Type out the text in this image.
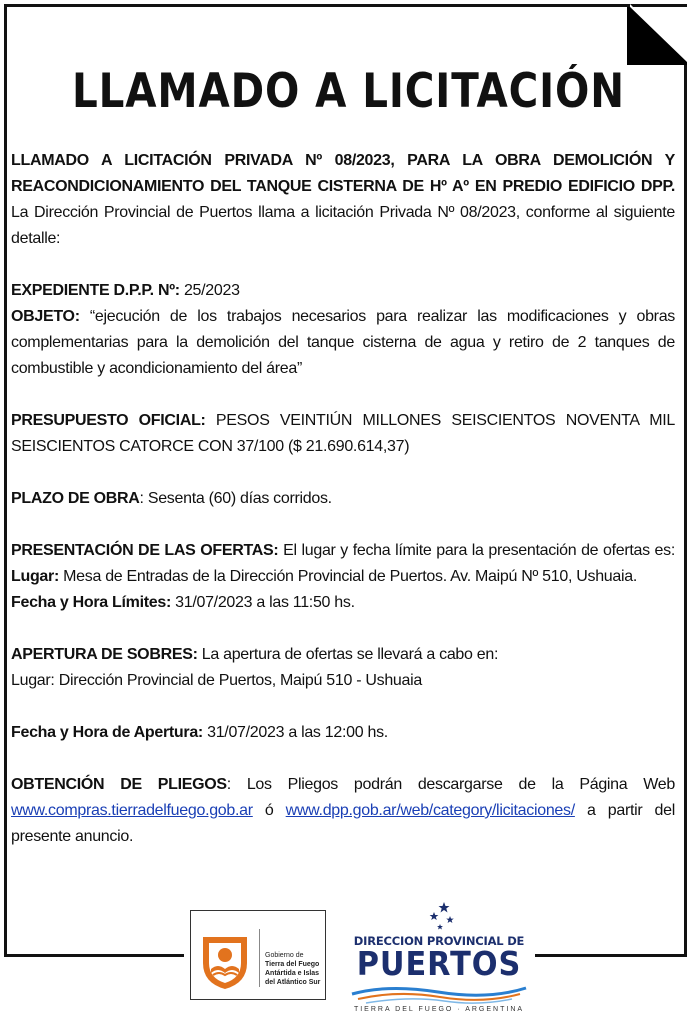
LLAMADO A LICITACIÓN

LLAMADO A LICITACIÓN PRIVADA Nº 08/2023, PARA LA OBRA DEMOLICIÓN Y REACONDICIONAMIENTO DEL TANQUE CISTERNA DE Hº Aº EN PREDIO EDIFICIO DPP. La Dirección Provincial de Puertos llama a licitación Privada Nº 08/2023, conforme al siguiente detalle:

EXPEDIENTE D.P.P. Nº: 25/2023

OBJETO: “ejecución de los trabajos necesarios para realizar las modificaciones y obras complementarias para la demolición del tanque cisterna de agua y retiro de 2 tanques de combustible y acondicionamiento del área”

PRESUPUESTO OFICIAL: PESOS VEINTIÚN MILLONES SEISCIENTOS NOVENTA MIL SEISCIENTOS CATORCE CON 37/100 ($ 21.690.614,37)

PLAZO DE OBRA: Sesenta (60) días corridos.

PRESENTACIÓN DE LAS OFERTAS: El lugar y fecha límite para la presentación de ofertas es: Lugar: Mesa de Entradas de la Dirección Provincial de Puertos. Av. Maipú Nº 510, Ushuaia.

Fecha y Hora Límites: 31/07/2023 a las 11:50 hs.

APERTURA DE SOBRES: La apertura de ofertas se llevará a cabo en:

Lugar: Dirección Provincial de Puertos, Maipú 510 - Ushuaia

Fecha y Hora de Apertura: 31/07/2023 a las 12:00 hs.

OBTENCIÓN DE PLIEGOS: Los Pliegos podrán descargarse de la Página Web www.compras.tierradelfuego.gob.ar ó www.dpp.gob.ar/web/category/licitaciones/ a partir del presente anuncio.

Gobierno de
Tierra del Fuego
Antártida e Islas
del Atlántico Sur
DIRECCION PROVINCIAL DE
PUERTOS
TIERRA DEL FUEGO · ARGENTINA
